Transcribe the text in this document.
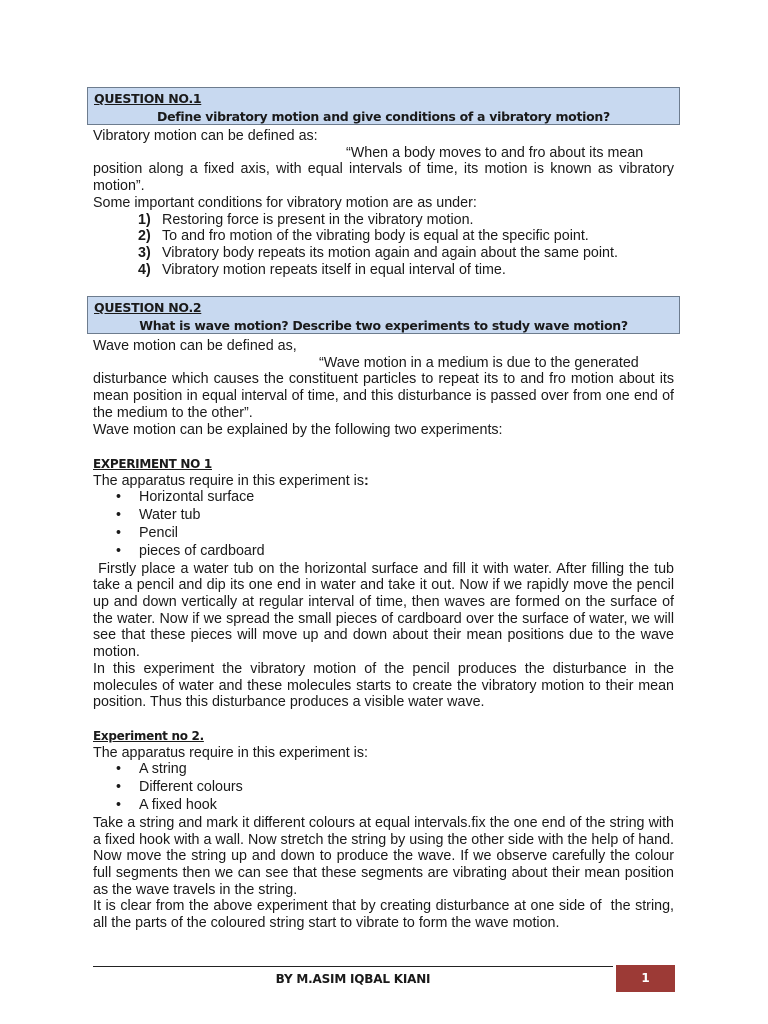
QUESTION NO.1
Define vibratory motion and give conditions of a vibratory motion?

Vibratory motion can be defined as:

“When a body moves to and fro about its mean

position along a fixed axis, with equal intervals of time, its motion is known as vibratory motion”.

Some important conditions for vibratory motion are as under:

1) Restoring force is present in the vibratory motion.
2) To and fro motion of the vibrating body is equal at the specific point.
3) Vibratory body repeats its motion again and again about the same point.
4) Vibratory motion repeats itself in equal interval of time.
QUESTION NO.2
What is wave motion? Describe two experiments to study wave motion?

Wave motion can be defined as,

“Wave motion in a medium is due to the generated

disturbance which causes the constituent particles to repeat its to and fro motion about its mean position in equal interval of time, and this disturbance is passed over from one end of the medium to the other”.

Wave motion can be explained by the following two experiments:

EXPERIMENT NO 1

The apparatus require in this experiment is:

• Horizontal surface
• Water tub
• Pencil
• pieces of cardboard

Firstly place a water tub on the horizontal surface and fill it with water. After filling the tub take a pencil and dip its one end in water and take it out. Now if we rapidly move the pencil up and down vertically at regular interval of time, then waves are formed on the surface of the water. Now if we spread the small pieces of cardboard over the surface of water, we will see that these pieces will move up and down about their mean positions due to the wave motion.

In this experiment the vibratory motion of the pencil produces the disturbance in the molecules of water and these molecules starts to create the vibratory motion to their mean position. Thus this disturbance produces a visible water wave.

Experiment no 2.

The apparatus require in this experiment is:

• A string
• Different colours
• A fixed hook

Take a string and mark it different colours at equal intervals.fix the one end of the string with a fixed hook with a wall. Now stretch the string by using the other side with the help of hand. Now move the string up and down to produce the wave. If we observe carefully the colour full segments then we can see that these segments are vibrating about their mean position as the wave travels in the string.

It is clear from the above experiment that by creating disturbance at one side of  the string, all the parts of the coloured string start to vibrate to form the wave motion.

BY M.ASIM IQBAL KIANI	1
